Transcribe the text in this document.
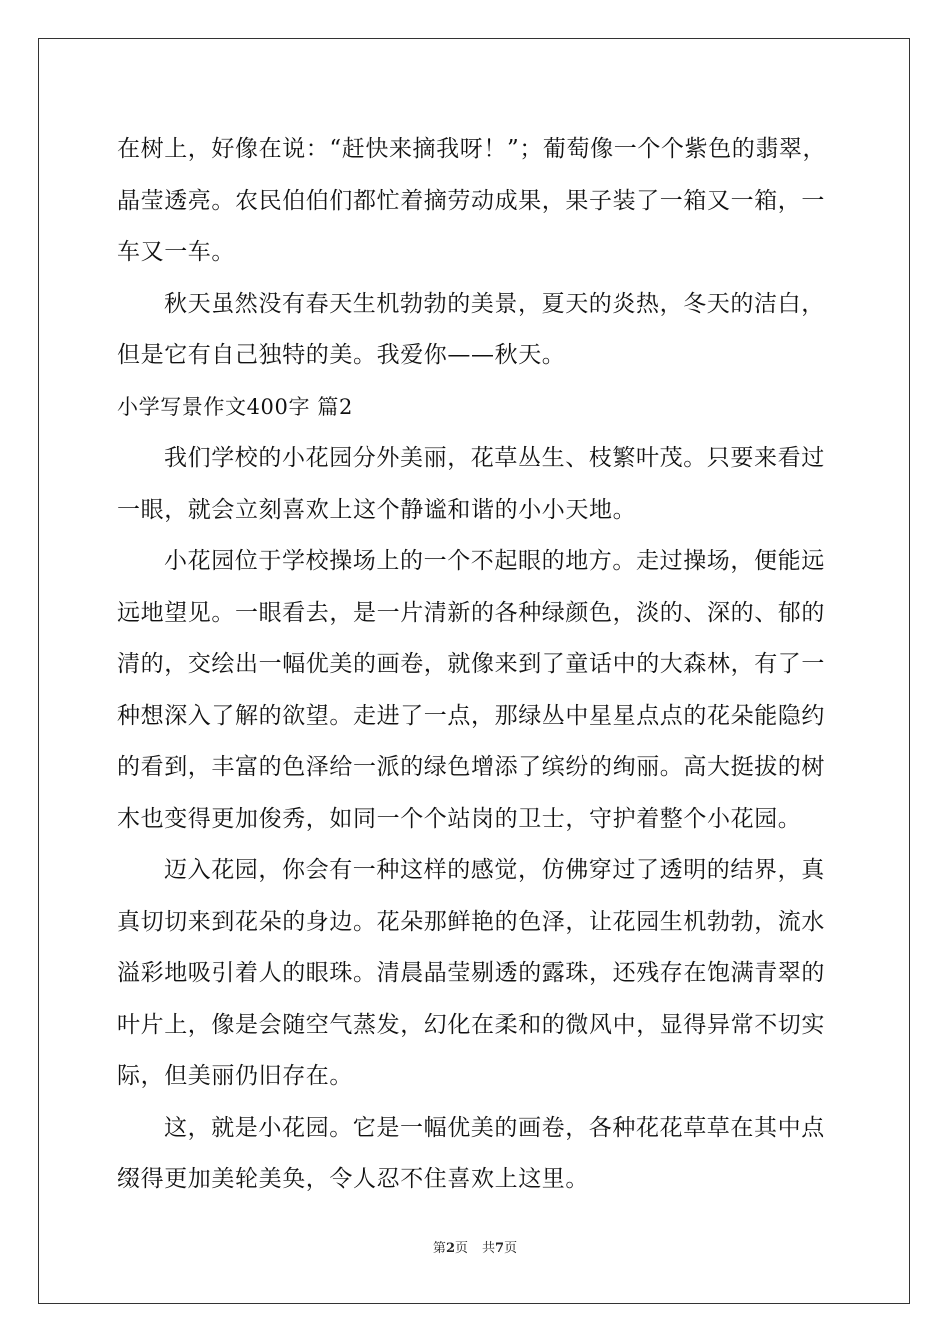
在树上，好像在说：“赶快来摘我呀！”；葡萄像一个个紫色的翡翠，
晶莹透亮。农民伯伯们都忙着摘劳动成果，果子装了一箱又一箱，一
车又一车。
秋天虽然没有春天生机勃勃的美景，夏天的炎热，冬天的洁白，
但是它有自己独特的美。我爱你——秋天。
小学写景作文400字 篇2
我们学校的小花园分外美丽，花草丛生、枝繁叶茂。只要来看过
一眼，就会立刻喜欢上这个静谧和谐的小小天地。
小花园位于学校操场上的一个不起眼的地方。走过操场，便能远
远地望见。一眼看去，是一片清新的各种绿颜色，淡的、深的、郁的
清的，交绘出一幅优美的画卷，就像来到了童话中的大森林，有了一
种想深入了解的欲望。走进了一点，那绿丛中星星点点的花朵能隐约
的看到，丰富的色泽给一派的绿色增添了缤纷的绚丽。高大挺拔的树
木也变得更加俊秀，如同一个个站岗的卫士，守护着整个小花园。
迈入花园，你会有一种这样的感觉，仿佛穿过了透明的结界，真
真切切来到花朵的身边。花朵那鲜艳的色泽，让花园生机勃勃，流水
溢彩地吸引着人的眼珠。清晨晶莹剔透的露珠，还残存在饱满青翠的
叶片上，像是会随空气蒸发，幻化在柔和的微风中，显得异常不切实
际，但美丽仍旧存在。
这，就是小花园。它是一幅优美的画卷，各种花花草草在其中点
缀得更加美轮美奂，令人忍不住喜欢上这里。
第2页 共7页
